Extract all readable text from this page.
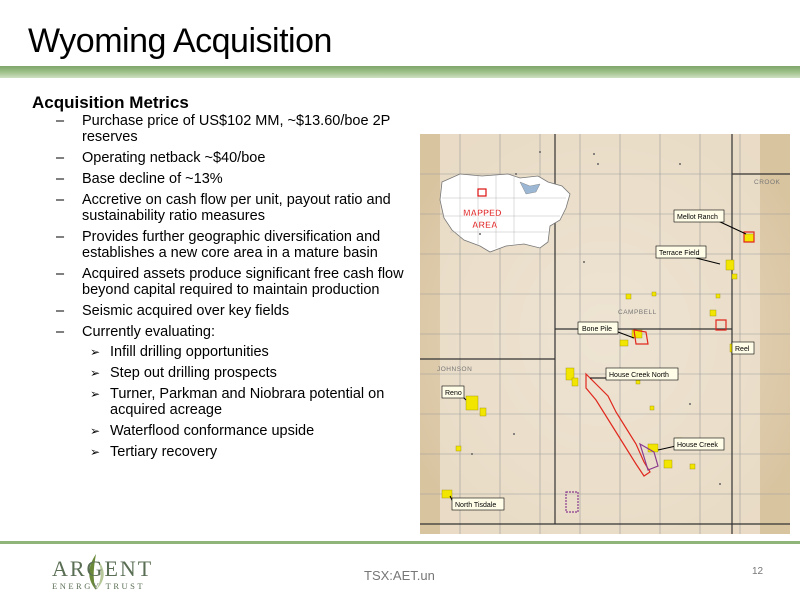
Wyoming Acquisition
Acquisition Metrics
– Purchase price of US$102 MM, ~$13.60/boe 2P reserves
– Operating netback ~$40/boe
– Base decline of ~13%
– Accretive on cash flow per unit, payout ratio and sustainability ratio measures
– Provides further geographic diversification and establishes a new core area in a mature basin
– Acquired assets produce significant free cash flow beyond capital required to maintain production
– Seismic acquired over key fields
– Currently evaluating:
➢ Infill drilling opportunities
➢ Step out drilling prospects
➢ Turner, Parkman and Niobrara potential on acquired acreage
➢ Waterflood conformance upside
➢ Tertiary recovery
MAPPED
AREA
CROOK
CAMPBELL
JOHNSON
Mellot Ranch
Terrace Field
Bone Pile
Reel
House Creek North
Reno
House Creek
North Tisdale
ARGENT
ENERGY TRUST
TSX:AET.un	12
